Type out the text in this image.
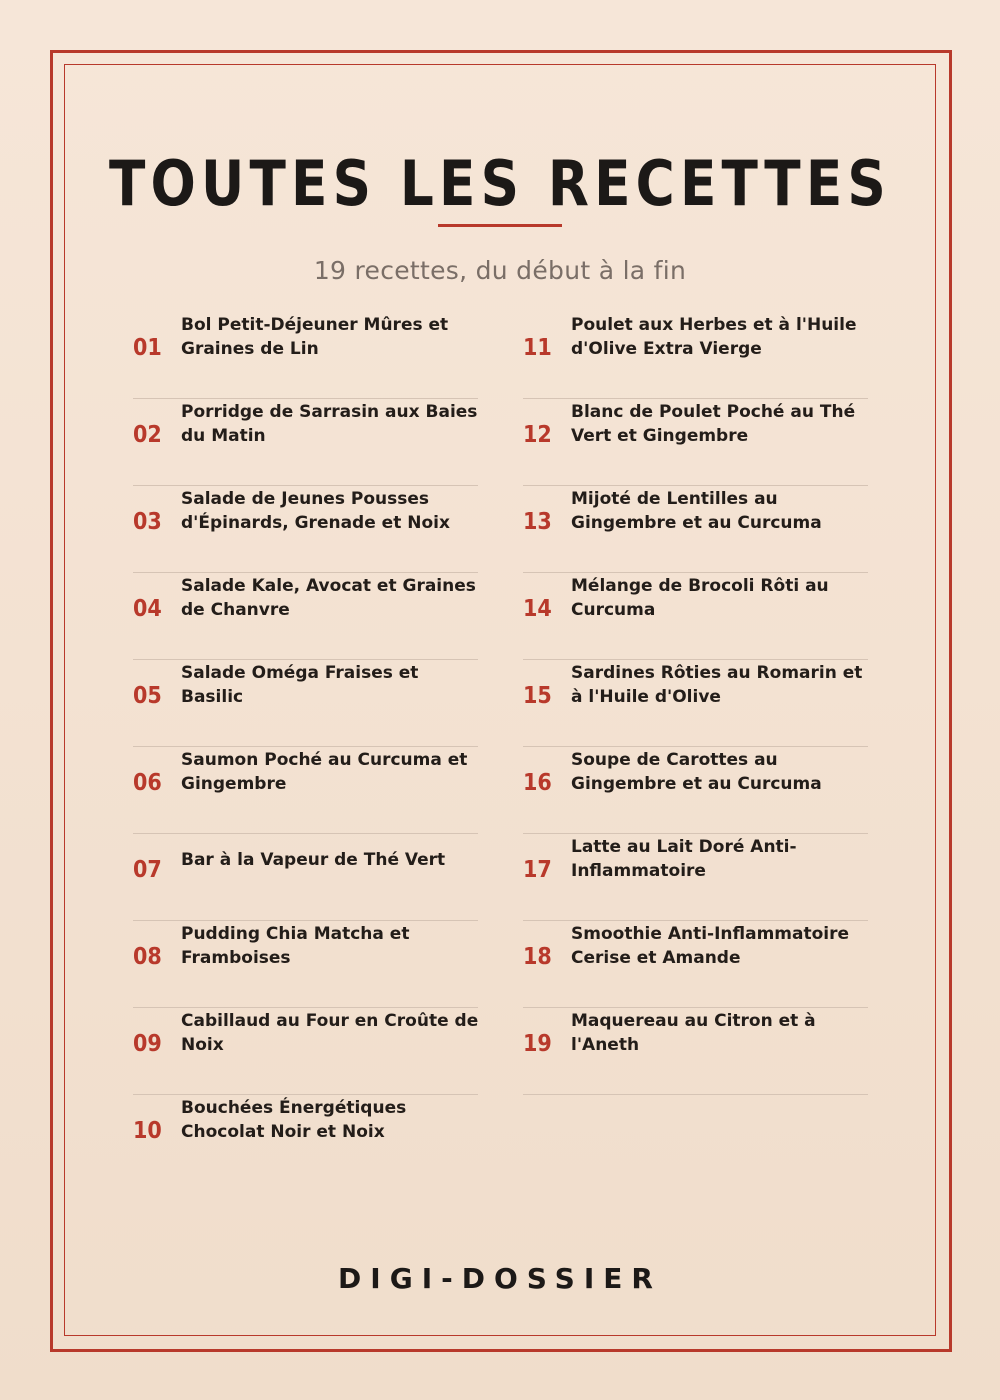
TOUTES LES RECETTES
19 recettes, du début à la fin
01
Bol Petit-Déjeuner Mûres et Graines de Lin
02
Porridge de Sarrasin aux Baies du Matin
03
Salade de Jeunes Pousses d'Épinards, Grenade et Noix
04
Salade Kale, Avocat et Graines de Chanvre
05
Salade Oméga Fraises et Basilic
06
Saumon Poché au Curcuma et Gingembre
07	Bar à la Vapeur de Thé Vert
08
Pudding Chia Matcha et Framboises
09
Cabillaud au Four en Croûte de Noix
10
Bouchées Énergétiques Chocolat Noir et Noix
11
Poulet aux Herbes et à l'Huile d'Olive Extra Vierge
12
Blanc de Poulet Poché au Thé Vert et Gingembre
13
Mijoté de Lentilles au Gingembre et au Curcuma
14
Mélange de Brocoli Rôti au Curcuma
15
Sardines Rôties au Romarin et à l'Huile d'Olive
16
Soupe de Carottes au Gingembre et au Curcuma
17
Latte au Lait Doré Anti-Inflammatoire
18
Smoothie Anti-Inflammatoire Cerise et Amande
19
Maquereau au Citron et à l'Aneth
DIGI-DOSSIER
